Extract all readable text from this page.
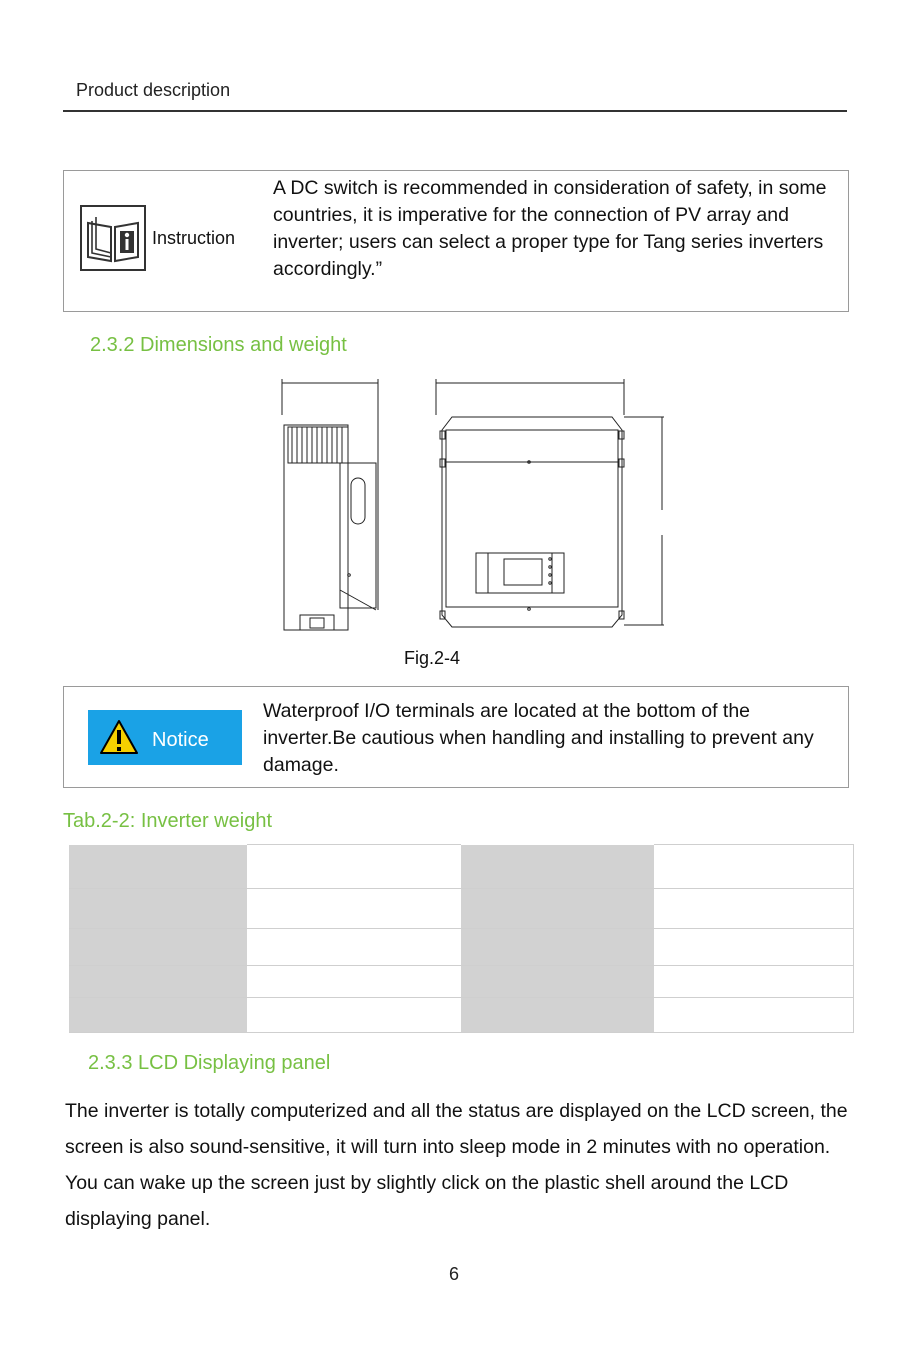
Product description
Instruction
A DC switch is recommended in consideration of safety, in some countries, it is imperative for the connection of PV array and inverter; users can select a proper type for Tang series inverters accordingly.”
2.3.2 Dimensions and weight
Fig.2-4
Notice
Waterproof I/O terminals are located at the bottom of the inverter.Be cautious when handling and installing to prevent any damage.
Tab.2-2: Inverter weight

2.3.3 LCD Displaying panel
The inverter is totally computerized and all the status are displayed on the LCD screen, the screen is also sound-sensitive, it will turn into sleep mode in 2 minutes with no operation. You can wake up the screen just by slightly click on the plastic shell around the LCD displaying panel.
6
